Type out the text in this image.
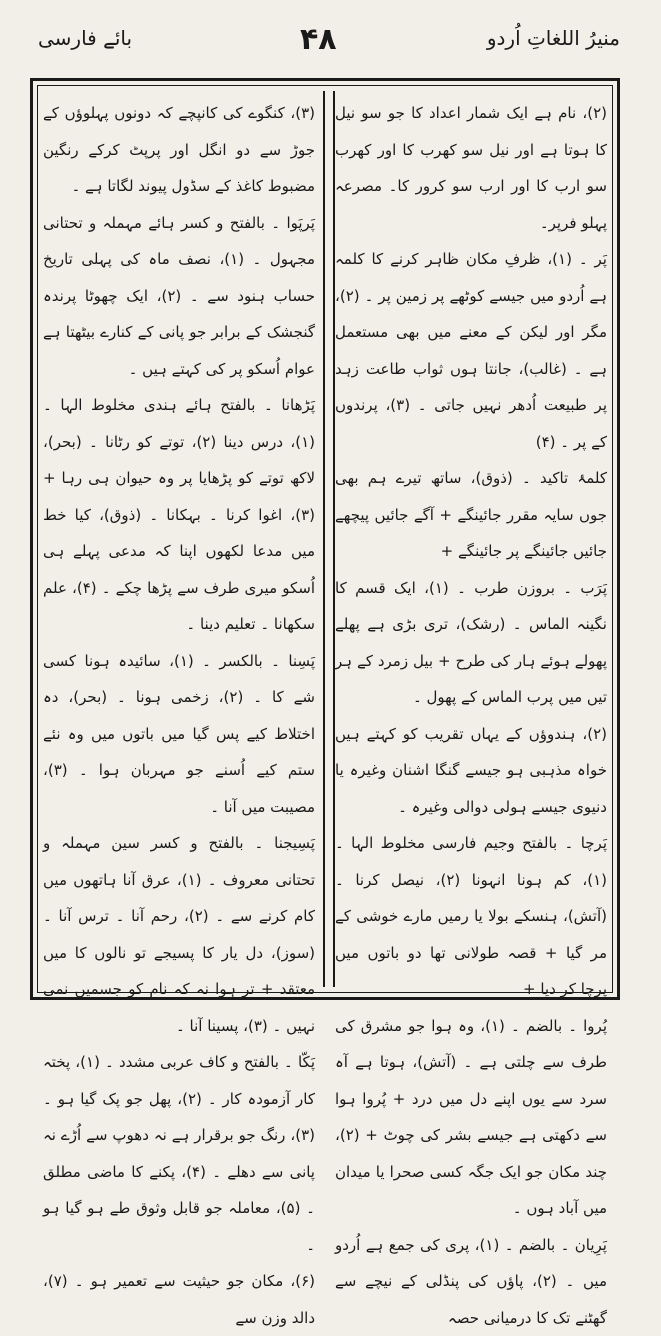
بائے فارسی	۴۸	منیرُ اللغاتِ اُردو

(۲)، نام ہے ایک شمار اعداد کا جو سو نیل کا ہوتا ہے اور نیل سو کھرب کا اور کھرب سو ارب کا اور ارب سو کرور کا۔ مصرعہ پہلو فرپر۔

پَر ۔ (۱)، ظرفِ مکان ظاہر کرنے کا کلمہ ہے اُردو میں جیسے کوٹھے پر زمین پر ۔ (۲)، مگر اور لیکن کے معنے میں بھی مستعمل ہے ۔ (غالب)، جانتا ہوں ثواب طاعت زہد پر طبیعت اُدھر نہیں جاتی ۔ (۳)، پرندوں کے پر ۔ (۴)

کلمۂ تاکید ۔ (ذوق)، ساتھ تیرے ہم بھی جوں سایہ مقرر جائینگے + آگے جائیں پیچھے جائیں جائینگے پر جائینگے +

پَرَب ۔ بروزن طرب ۔ (۱)، ایک قسم کا نگینہ الماس ۔ (رشک)، تری بڑی ہے پھلے پھولے ہوئے ہار کی طرح + بیل زمرد کے ہر تیں میں پرب الماس کے پھول ۔

(۲)، ہندوؤں کے یہاں تقریب کو کہتے ہیں خواہ مذہبی ہو جیسے گنگا اشنان وغیرہ یا دنیوی جیسے ہولی دوالی وغیرہ ۔

پَرچا ۔ بالفتح وجیم فارسی مخلوط الہا ۔ (۱)، کم ہونا انہونا (۲)، نیصل کرنا ۔ (آتش)، ہنسکے بولا یا رمیں مارے خوشی کے مر گیا + قصہ طولانی تھا دو باتوں میں پرچا کر دیا +

پُروا ۔ بالضم ۔ (۱)، وہ ہوا جو مشرق کی طرف سے چلتی ہے ۔ (آتش)، ہوتا ہے آہ سرد سے یوں اپنے دل میں درد + پُروا ہوا سے دکھتی ہے جیسے بشر کی چوٹ + (۲)، چند مکان جو ایک جگہ کسی صحرا یا میدان میں آباد ہوں ۔

پَرِیان ۔ بالضم ۔ (۱)، پری کی جمع ہے اُردو میں ۔ (۲)، پاؤں کی پنڈلی کے نیچے سے گھٹنے تک کا درمیانی حصہ

(۳)، کنگوے کی کانپچے کہ دونوں پہلوؤں کے جوڑ سے دو انگل اور پرپٹ کرکے رنگین مضبوط کاغذ کے سڈول پیوند لگاتا ہے ۔

پَرپَوا ۔ بالفتح و کسر ہائے مہملہ و تحتانی مجہول ۔ (۱)، نصف ماہ کی پہلی تاریخ حساب ہنود سے ۔ (۲)، ایک چھوٹا پرندہ گنجشک کے برابر جو پانی کے کنارے بیٹھتا ہے عوام اُسکو پر کی کہتے ہیں ۔

پَڑھانا ۔ بالفتح ہائے ہندی مخلوط الہا ۔ (۱)، درس دینا (۲)، توتے کو رٹانا ۔ (بحر)، لاکھ توتے کو پڑھایا پر وہ حیوان ہی رہا + (۳)، اغوا کرنا ۔ بہکانا ۔ (ذوق)، کیا خط میں مدعا لکھوں اپنا کہ مدعی پہلے ہی اُسکو میری طرف سے پڑھا چکے ۔ (۴)، علم سکھانا ۔ تعلیم دینا ۔

پَسِنا ۔ بالکسر ۔ (۱)، سائیدہ ہونا کسی شے کا ۔ (۲)، زخمی ہونا ۔ (بحر)، دہ اختلاط کیے پس گیا میں باتوں میں وہ نئے ستم کیے اُسنے جو مہربان ہوا ۔ (۳)، مصیبت میں آنا ۔

پَسِیجنا ۔ بالفتح و کسر سین مہملہ و تحتانی معروف ۔ (۱)، عرق آنا ہاتھوں میں کام کرنے سے ۔ (۲)، رحم آنا ۔ ترس آنا ۔ (سوز)، دل یار کا پسیجے تو نالوں کا میں معتقد + تر ہوا نہ کہ نام کو جسمیں نمی نہیں ۔ (۳)، پسینا آنا ۔

پَکّا ۔ بالفتح و کاف عربی مشدد ۔ (۱)، پختہ کار آزمودہ کار ۔ (۲)، پھل جو پک گیا ہو ۔ (۳)، رنگ جو برقرار ہے نہ دھوپ سے اُڑے نہ پانی سے دھلے ۔ (۴)، پکنے کا ماضی مطلق ۔ (۵)، معاملہ جو قابل وثوق طے ہو گیا ہو ۔

(۶)، مکان جو حیثیت سے تعمیر ہو ۔ (۷)، دالد وزن سے
